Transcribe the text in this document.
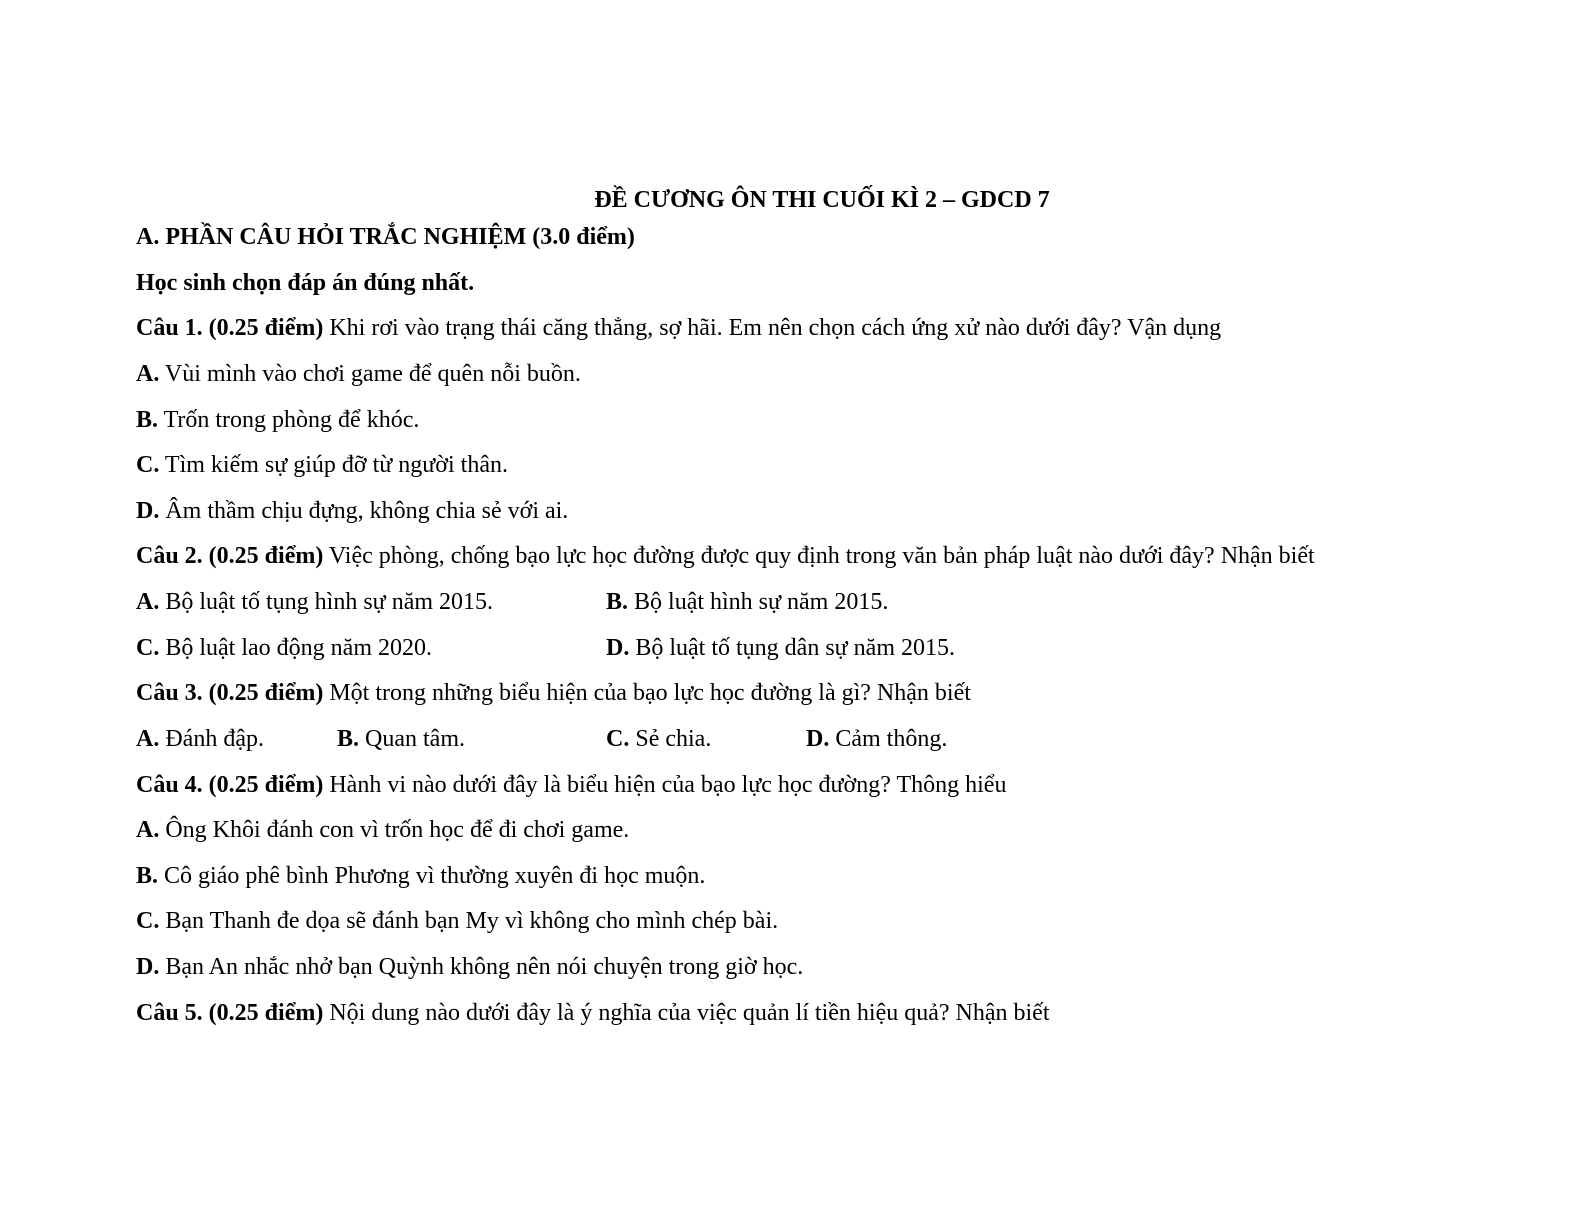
ĐỀ CƯƠNG ÔN THI CUỐI KÌ 2 – GDCD 7
A. PHẦN CÂU HỎI TRẮC NGHIỆM (3.0 điểm)
Học sinh chọn đáp án đúng nhất.
Câu 1. (0.25 điểm) Khi rơi vào trạng thái căng thẳng, sợ hãi. Em nên chọn cách ứng xử nào dưới đây? Vận dụng
A. Vùi mình vào chơi game để quên nỗi buồn.
B. Trốn trong phòng để khóc.
C. Tìm kiếm sự giúp đỡ từ người thân.
D. Âm thầm chịu đựng, không chia sẻ với ai.
Câu 2. (0.25 điểm) Việc phòng, chống bạo lực học đường được quy định trong văn bản pháp luật nào dưới đây? Nhận biết
A. Bộ luật tố tụng hình sự năm 2015.	B. Bộ luật hình sự năm 2015.
C. Bộ luật lao động năm 2020.	D. Bộ luật tố tụng dân sự năm 2015.
Câu 3. (0.25 điểm) Một trong những biểu hiện của bạo lực học đường là gì? Nhận biết
A. Đánh đập.	B. Quan tâm.	C. Sẻ chia.	D. Cảm thông.
Câu 4. (0.25 điểm) Hành vi nào dưới đây là biểu hiện của bạo lực học đường? Thông hiểu
A. Ông Khôi đánh con vì trốn học để đi chơi game.
B. Cô giáo phê bình Phương vì thường xuyên đi học muộn.
C. Bạn Thanh đe dọa sẽ đánh bạn My vì không cho mình chép bài.
D. Bạn An nhắc nhở bạn Quỳnh không nên nói chuyện trong giờ học.
Câu 5. (0.25 điểm) Nội dung nào dưới đây là ý nghĩa của việc quản lí tiền hiệu quả? Nhận biết
